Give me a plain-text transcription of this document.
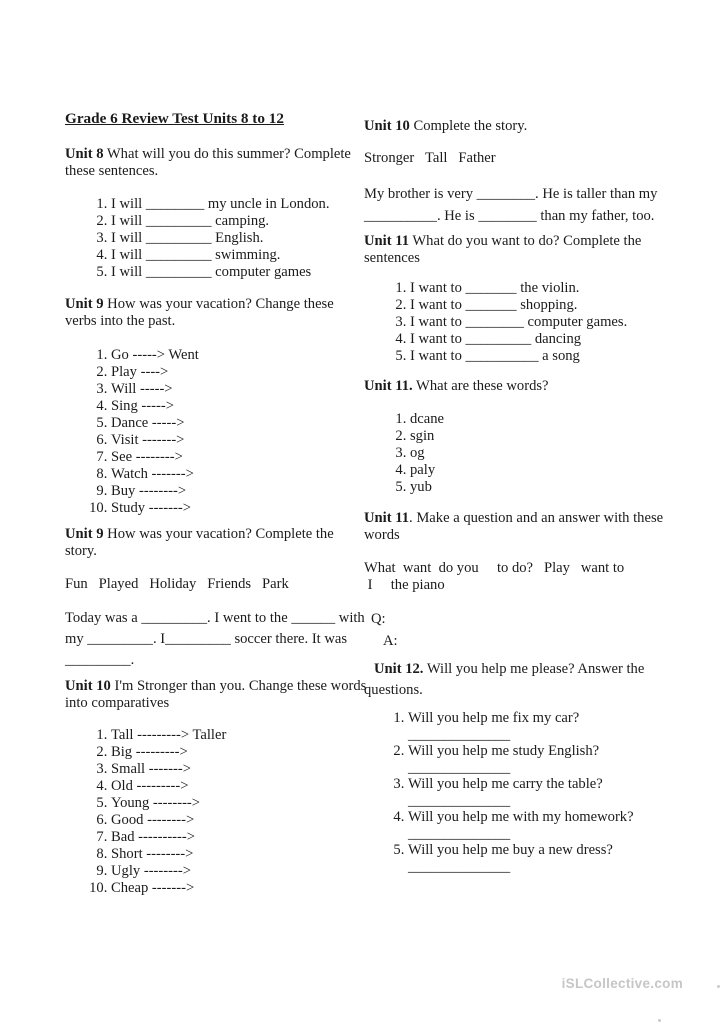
Grade 6 Review Test Units 8 to 12
Unit 8 What will you do this summer? Complete
these sentences.
1. I will ________ my uncle in London.
2. I will _________ camping.
3. I will _________ English.
4. I will _________ swimming.
5. I will _________ computer games
Unit 9 How was your vacation? Change these
verbs into the past.
1. Go -----> Went
2. Play ---->
3. Will ----->
4. Sing ----->
5. Dance ----->
6. Visit ------->
7. See -------->
8. Watch ------->
9. Buy -------->
10. Study ------->
Unit 9 How was your vacation? Complete the
story.
Fun   Played   Holiday   Friends   Park
Today was a _________. I went to the ______ with
my _________. I_________ soccer there. It was
_________.
Unit 10 I'm Stronger than you. Change these words
into comparatives
1. Tall ---------> Taller
2. Big --------->
3. Small ------->
4. Old --------->
5. Young -------->
6. Good -------->
7. Bad ---------->
8. Short -------->
9. Ugly -------->
10. Cheap ------->
Unit 10 Complete the story.
Stronger   Tall   Father
My brother is very ________. He is taller than my
__________. He is ________ than my father, too.
Unit 11 What do you want to do? Complete the
sentences
1. I want to _______ the violin.
2. I want to _______ shopping.
3. I want to ________ computer games.
4. I want to _________ dancing
5. I want to __________ a song
Unit 11. What are these words?
1. dcane
2. sgin
3. og
4. paly
5. yub
Unit 11. Make a question and an answer with these
words
What  want  do you     to do?   Play   want to
I     the piano
Q:
A:
Unit 12. Will you help me please? Answer the
questions.
1. Will you help me fix my car?
______________
2. Will you help me study English?
______________
3. Will you help me carry the table?
______________
4. Will you help me with my homework?
______________
5. Will you help me buy a new dress?
______________
iSLCollective.com
